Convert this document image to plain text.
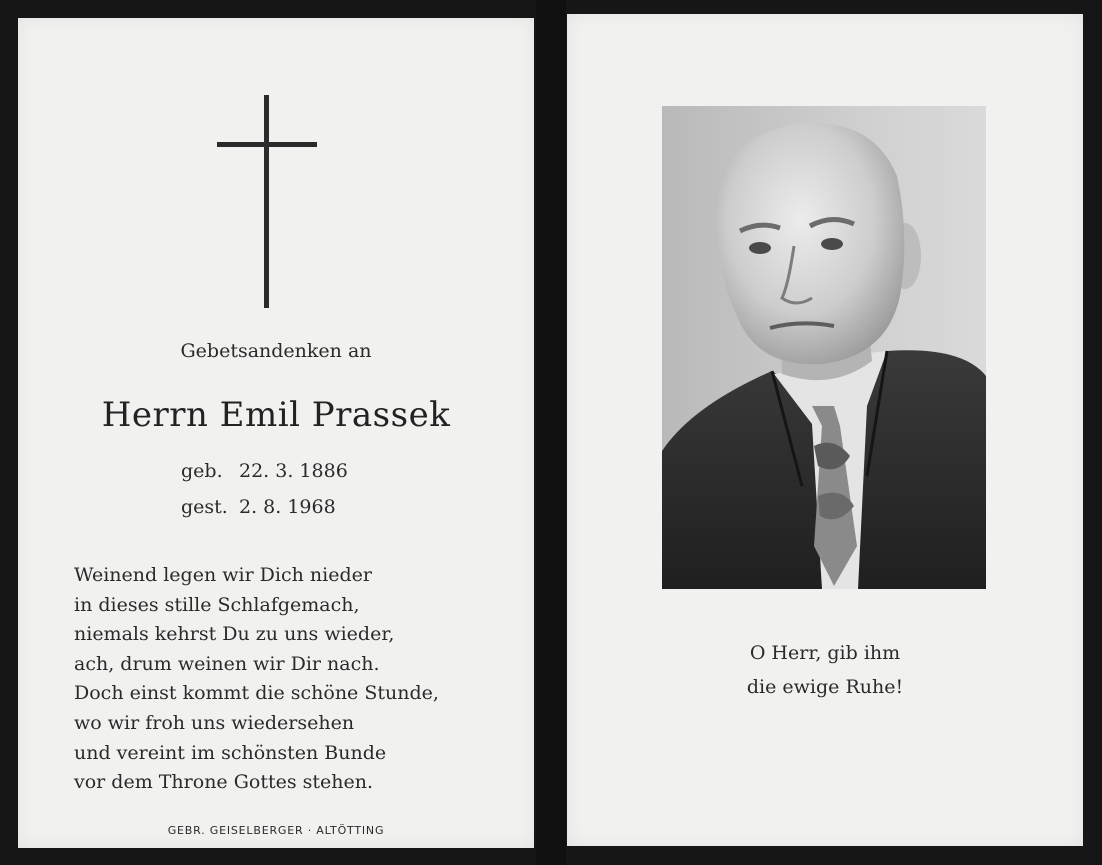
Gebetsandenken an
Herrn Emil Prassek
geb. 22. 3. 1886
gest. 2. 8. 1968
Weinend legen wir Dich nieder
in dieses stille Schlafgemach,
niemals kehrst Du zu uns wieder,
ach, drum weinen wir Dir nach.
Doch einst kommt die schöne Stunde,
wo wir froh uns wiedersehen
und vereint im schönsten Bunde
vor dem Throne Gottes stehen.
GEBR. GEISELBERGER · ALTÖTTING
O Herr, gib ihm
die ewige Ruhe!
